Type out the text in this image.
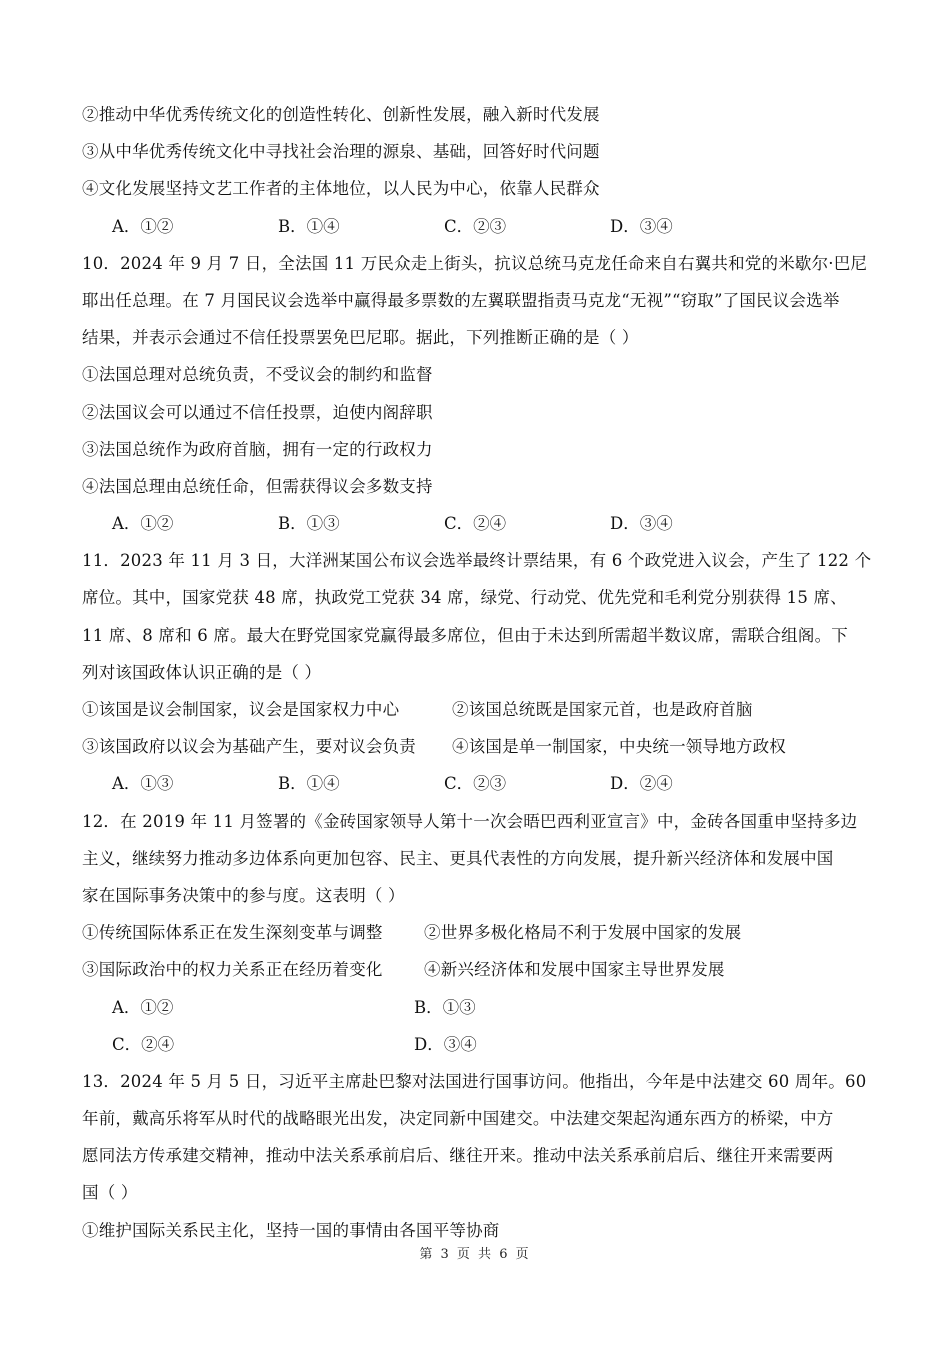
②推动中华优秀传统文化的创造性转化、创新性发展，融入新时代发展
③从中华优秀传统文化中寻找社会治理的源泉、基础，回答好时代问题
④文化发展坚持文艺工作者的主体地位，以人民为中心，依靠人民群众
A．①②	B．①④	C．②③	D．③④
10．2024 年 9 月 7 日，全法国 11 万民众走上街头，抗议总统马克龙任命来自右翼共和党的米歇尔·巴尼
耶出任总理。在 7 月国民议会选举中赢得最多票数的左翼联盟指责马克龙“无视”“窃取”了国民议会选举
结果，并表示会通过不信任投票罢免巴尼耶。据此，下列推断正确的是（ ）
①法国总理对总统负责，不受议会的制约和监督
②法国议会可以通过不信任投票，迫使内阁辞职
③法国总统作为政府首脑，拥有一定的行政权力
④法国总理由总统任命，但需获得议会多数支持
A．①②	B．①③	C．②④	D．③④
11．2023 年 11 月 3 日，大洋洲某国公布议会选举最终计票结果，有 6 个政党进入议会，产生了 122 个
席位。其中，国家党获 48 席，执政党工党获 34 席，绿党、行动党、优先党和毛利党分别获得 15 席、
11 席、8 席和 6 席。最大在野党国家党赢得最多席位，但由于未达到所需超半数议席，需联合组阁。下
列对该国政体认识正确的是（ ）
①该国是议会制国家，议会是国家权力中心	②该国总统既是国家元首，也是政府首脑
③该国政府以议会为基础产生，要对议会负责	④该国是单一制国家，中央统一领导地方政权
A．①③	B．①④	C．②③	D．②④
12．在 2019 年 11 月签署的《金砖国家领导人第十一次会晤巴西利亚宣言》中，金砖各国重申坚持多边
主义，继续努力推动多边体系向更加包容、民主、更具代表性的方向发展，提升新兴经济体和发展中国
家在国际事务决策中的参与度。这表明（ ）
①传统国际体系正在发生深刻变革与调整	②世界多极化格局不利于发展中国家的发展
③国际政治中的权力关系正在经历着变化	④新兴经济体和发展中国家主导世界发展
A．①②	B．①③
C．②④	D．③④
13．2024 年 5 月 5 日，习近平主席赴巴黎对法国进行国事访问。他指出，今年是中法建交 60 周年。60
年前，戴高乐将军从时代的战略眼光出发，决定同新中国建交。中法建交架起沟通东西方的桥梁，中方
愿同法方传承建交精神，推动中法关系承前启后、继往开来。推动中法关系承前启后、继往开来需要两
国（ ）
①维护国际关系民主化，坚持一国的事情由各国平等协商
第 3 页 共 6 页
